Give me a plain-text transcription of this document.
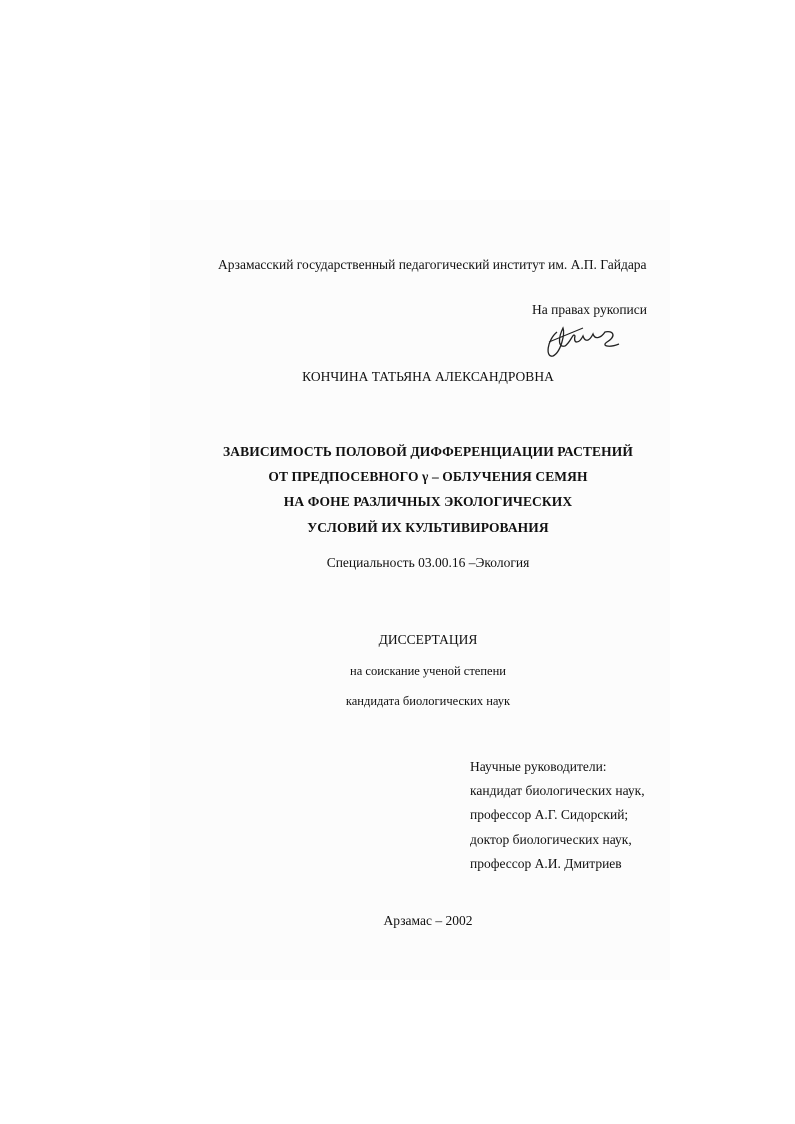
Арзамасский государственный педагогический институт им. А.П. Гайдара
На правах рукописи
КОНЧИНА ТАТЬЯНА АЛЕКСАНДРОВНА
ЗАВИСИМОСТЬ ПОЛОВОЙ ДИФФЕРЕНЦИАЦИИ РАСТЕНИЙ
ОТ ПРЕДПОСЕВНОГО γ – ОБЛУЧЕНИЯ СЕМЯН
НА ФОНЕ РАЗЛИЧНЫХ ЭКОЛОГИЧЕСКИХ
УСЛОВИЙ ИХ КУЛЬТИВИРОВАНИЯ
Специальность 03.00.16 –Экология
ДИССЕРТАЦИЯ
на соискание ученой степени
кандидата биологических наук
Научные руководители:
кандидат биологических наук,
профессор А.Г. Сидорский;
доктор биологических наук,
профессор А.И. Дмитриев
Арзамас – 2002
